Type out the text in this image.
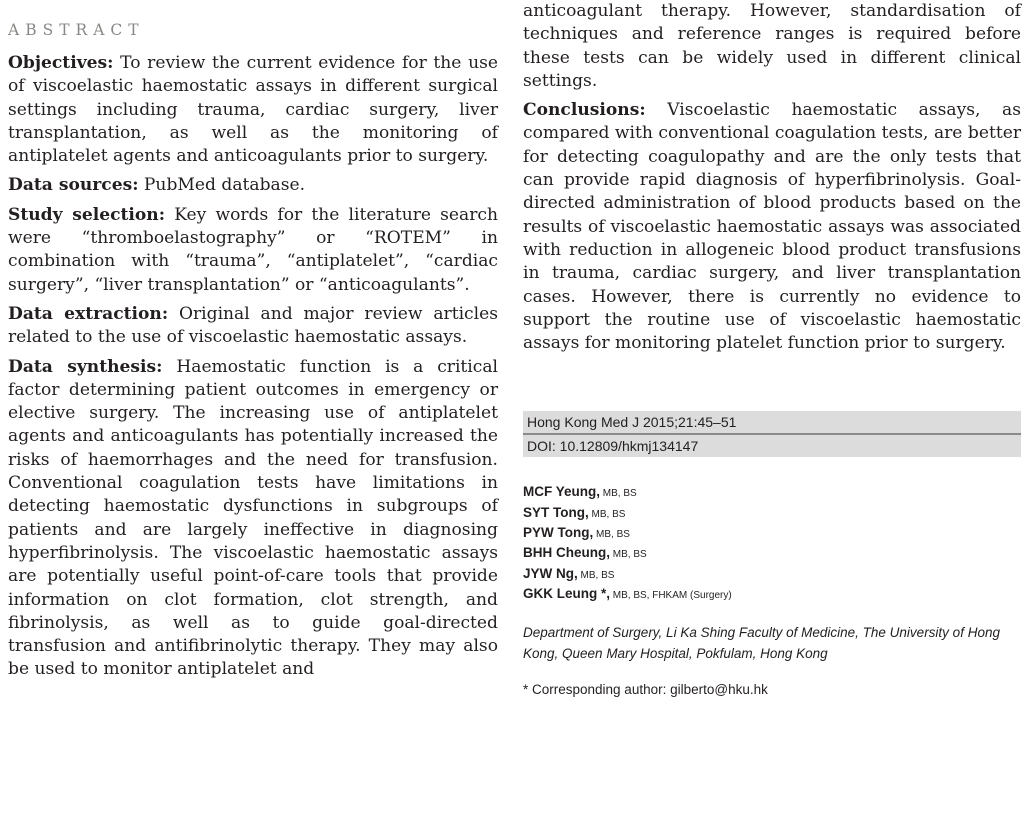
ABSTRACT

Objectives: To review the current evidence for the use of viscoelastic haemostatic assays in different surgical settings including trauma, cardiac surgery, liver transplantation, as well as the monitoring of antiplatelet agents and anticoagulants prior to surgery.

Data sources: PubMed database.

Study selection: Key words for the literature search were “thromboelastography” or “ROTEM” in combination with “trauma”, “antiplatelet”, “cardiac surgery”, “liver transplantation” or “anticoagulants”.

Data extraction: Original and major review articles related to the use of viscoelastic haemostatic assays.

Data synthesis: Haemostatic function is a critical factor determining patient outcomes in emergency or elective surgery. The increasing use of antiplatelet agents and anticoagulants has potentially increased the risks of haemorrhages and the need for transfusion. Conventional coagulation tests have limitations in detecting haemostatic dysfunctions in subgroups of patients and are largely ineffective in diagnosing hyperfibrinolysis. The viscoelastic haemostatic assays are potentially useful point-of-care tools that provide information on clot formation, clot strength, and fibrinolysis, as well as to guide goal-directed transfusion and antifibrinolytic therapy. They may also be used to monitor antiplatelet and

anticoagulant therapy. However, standardisation of techniques and reference ranges is required before these tests can be widely used in different clinical settings.

Conclusions: Viscoelastic haemostatic assays, as compared with conventional coagulation tests, are better for detecting coagulopathy and are the only tests that can provide rapid diagnosis of hyperfibrinolysis. Goal-directed administration of blood products based on the results of viscoelastic haemostatic assays was associated with reduction in allogeneic blood product transfusions in trauma, cardiac surgery, and liver transplantation cases. However, there is currently no evidence to support the routine use of viscoelastic haemostatic assays for monitoring platelet function prior to surgery.

Hong Kong Med J 2015;21:45–51
DOI: 10.12809/hkmj134147
MCF Yeung, MB, BS
SYT Tong, MB, BS
PYW Tong, MB, BS
BHH Cheung, MB, BS
JYW Ng, MB, BS
GKK Leung *, MB, BS, FHKAM (Surgery)
Department of Surgery, Li Ka Shing Faculty of Medicine, The University of Hong Kong, Queen Mary Hospital, Pokfulam, Hong Kong
* Corresponding author: gilberto@hku.hk
